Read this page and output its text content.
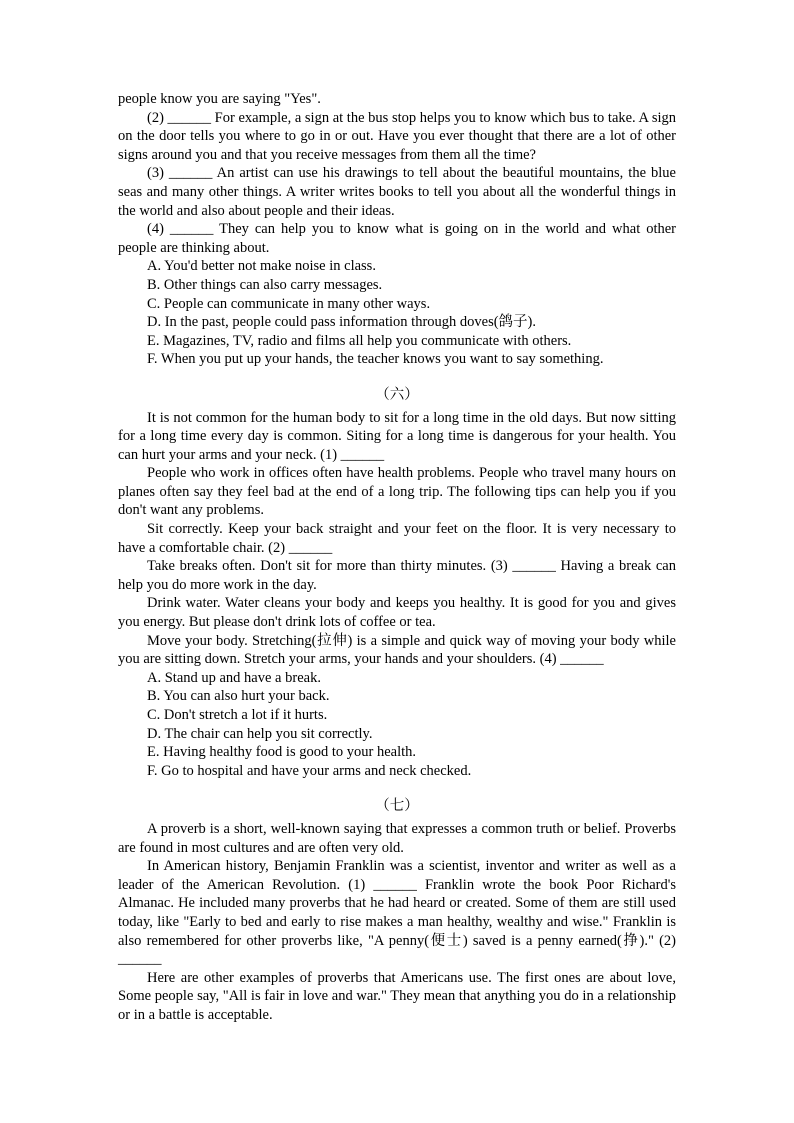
people know you are saying "Yes".

(2) ______ For example, a sign at the bus stop helps you to know which bus to take. A sign on the door tells you where to go in or out. Have you ever thought that there are a lot of other signs around you and that you receive messages from them all the time?

(3) ______ An artist can use his drawings to tell about the beautiful mountains, the blue seas and many other things. A writer writes books to tell you about all the wonderful things in the world and also about people and their ideas.

(4) ______ They can help you to know what is going on in the world and what other people are thinking about.

A. You'd better not make noise in class.

B. Other things can also carry messages.

C. People can communicate in many other ways.

D. In the past, people could pass information through doves(鸽子).

E. Magazines, TV, radio and films all help you communicate with others.

F. When you put up your hands, the teacher knows you want to say something.

（六）

It is not common for the human body to sit for a long time in the old days. But now sitting for a long time every day is common. Siting for a long time is dangerous for your health. You can hurt your arms and your neck. (1) ______

People who work in offices often have health problems. People who travel many hours on planes often say they feel bad at the end of a long trip. The following tips can help you if you don't want any problems.

Sit correctly. Keep your back straight and your feet on the floor. It is very necessary to have a comfortable chair. (2) ______

Take breaks often. Don't sit for more than thirty minutes. (3) ______ Having a break can help you do more work in the day.

Drink water. Water cleans your body and keeps you healthy. It is good for you and gives you energy. But please don't drink lots of coffee or tea.

Move your body. Stretching(拉伸) is a simple and quick way of moving your body while you are sitting down. Stretch your arms, your hands and your shoulders. (4) ______

A. Stand up and have a break.

B. You can also hurt your back.

C. Don't stretch a lot if it hurts.

D. The chair can help you sit correctly.

E. Having healthy food is good to your health.

F. Go to hospital and have your arms and neck checked.

（七）

A proverb is a short, well-known saying that expresses a common truth or belief. Proverbs are found in most cultures and are often very old.

In American history, Benjamin Franklin was a scientist, inventor and writer as well as a leader of the American Revolution. (1) ______ Franklin wrote the book Poor Richard's Almanac. He included many proverbs that he had heard or created. Some of them are still used today, like "Early to bed and early to rise makes a man healthy, wealthy and wise." Franklin is also remembered for other proverbs like, "A penny(便士) saved is a penny earned(挣)." (2) ______

Here are other examples of proverbs that Americans use. The first ones are about love, Some people say, "All is fair in love and war." They mean that anything you do in a relationship or in a battle is acceptable.
